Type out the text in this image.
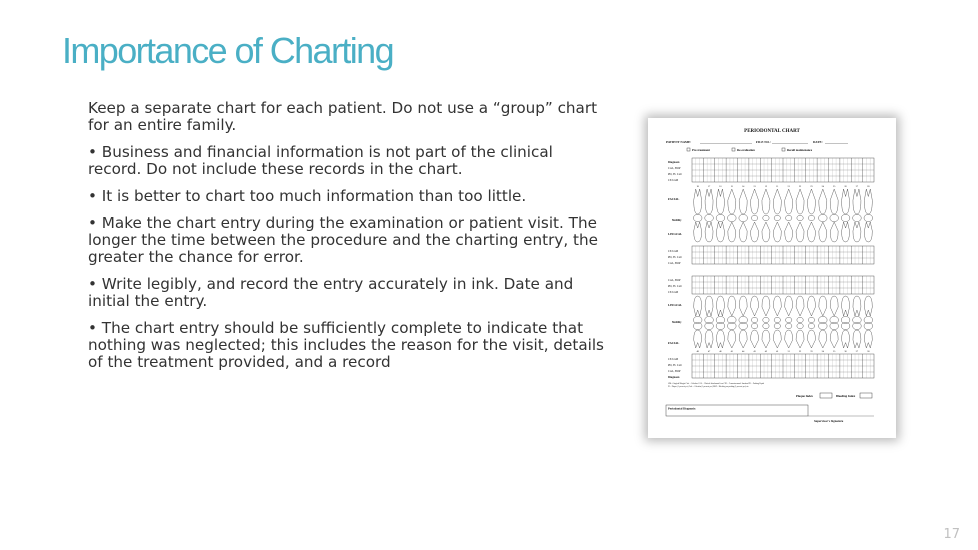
Importance of Charting

Keep a separate chart for each patient. Do not use a “group” chart for an entire family.

• Business and financial information is not part of the clinical record. Do not include these records in the chart.

• It is better to chart too much information than too little.

• Make the chart entry during the examination or patient visit. The longer the time between the procedure and the charting entry, the greater the chance for error.

• Write legibly, and record the entry accurately in ink. Date and initial the entry.

• The chart entry should be sufficiently complete to indicate that nothing was neglected; this includes the reason for the visit, details of the treatment provided, and a record

PERIODONTAL CHART
PATIENT NAME:	FILE NO.:	DATE:
Pre-treatment	Re-evaluation	Recall maintenance
Diagnosis
CAL, BOP
PD, FL Calc
CEJ-GM
FACIAL
Mobility
LINGUAL
CEJ-GM
PD, FL Calc
CAL, BOP
CAL, BOP
PD, FL Calc
CEJ-GM
LINGUAL
Mobility
FACIAL
CEJ-GM
PD, FL Calc
CAL, BOP
Diagnosis
GM= Gingival Margin Calc = Calculus CAL = Clinical Attachment Loss CEJ = Cementoenamel Junction PD = Probing Depth
PI = Plaque (1 present yes) Calc = Calculus (1 present yes) BOP = Bleeding on probing (1 present yes) etc.
Plaque Index	Bleeding Index
Periodontal Diagnosis:
Supervisor's Signature
18	17	16	15	14	13	12	11	21	22	23	24	25	26	27	28
48	47	46	45	44	43	42	41	31	32	33	34	35	36	37	38
17
